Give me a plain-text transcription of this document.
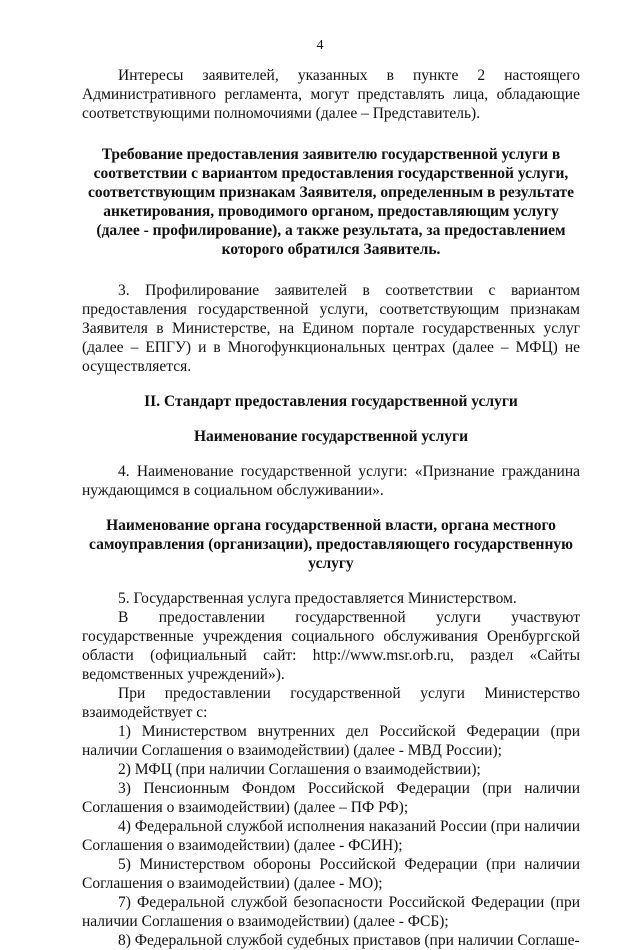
4

Интересы заявителей, указанных в пункте 2 настоящего Административного регламента, могут представлять лица, обладающие соответствующими полномочиями (далее – Представитель).

Требование предоставления заявителю государственной услуги в соответствии с вариантом предоставления государственной услуги, соответствующим признакам Заявителя, определенным в результате анкетирования, проводимого органом, предоставляющим услугу (далее - профилирование), а также результата, за предоставлением которого обратился Заявитель.

3. Профилирование заявителей в соответствии с вариантом предоставления государственной услуги, соответствующим признакам Заявителя в Министерстве, на Едином портале государственных услуг (далее – ЕПГУ) и в Многофункциональных центрах (далее – МФЦ) не осуществляется.

II. Стандарт предоставления государственной услуги

Наименование государственной услуги

4. Наименование государственной услуги: «Признание гражданина нуждающимся в социальном обслуживании».

Наименование органа государственной власти, органа местного самоуправления (организации), предоставляющего государственную услугу

5. Государственная услуга предоставляется Министерством.

В предоставлении государственной услуги участвуют государственные учреждения социального обслуживания Оренбургской области (официальный сайт: http://www.msr.orb.ru, раздел «Сайты ведомственных учреждений»).

При предоставлении государственной услуги Министерство взаимодействует с:

1) Министерством внутренних дел Российской Федерации (при наличии Соглашения о взаимодействии) (далее - МВД России);

2) МФЦ (при наличии Соглашения о взаимодействии);

3) Пенсионным Фондом Российской Федерации (при наличии Соглашения о взаимодействии) (далее – ПФ РФ);

4) Федеральной службой исполнения наказаний России (при наличии Соглашения о взаимодействии) (далее - ФСИН);

5) Министерством обороны Российской Федерации (при наличии Соглашения о взаимодействии) (далее - МО);

7) Федеральной службой безопасности Российской Федерации (при наличии Соглашения о взаимодействии) (далее - ФСБ);

8) Федеральной службой судебных приставов (при наличии Соглаше-
